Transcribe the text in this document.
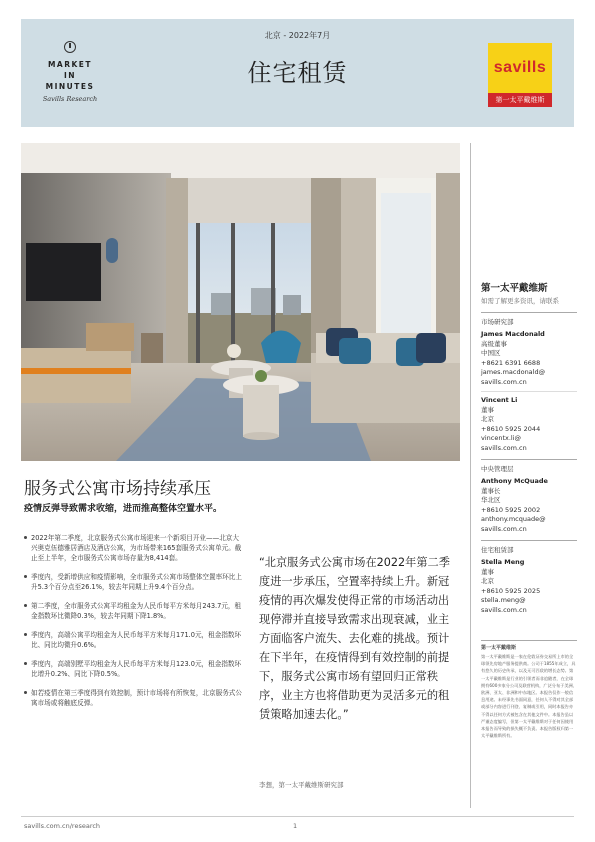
MARKET
IN
MINUTES
Savills Research
北京 - 2022年7月
住宅租赁	savills
第一太平戴维斯
服务式公寓市场持续承压
疫情反弹导致需求收缩，进而推高整体空置水平。
2022年第二季度，北京服务式公寓市场迎来一个新项目开业——北京大兴奥克伍德雅居酒店及酒店公寓，为市场带来165套服务式公寓单元。截止至上半年，全市服务式公寓市场存量为8,414套。
季度内，受新增供应和疫情影响，全市服务式公寓市场整体空置率环比上升5.3个百分点至26.1%，较去年同期上升9.4个百分点。
第二季度，全市服务式公寓平均租金为人民币每平方米每月243.7元，租金指数环比微降0.3%，较去年同期下降1.8%。
季度内，高端公寓平均租金为人民币每平方米每月171.0元，租金指数环比、同比均微升0.6%。
季度内，高端别墅平均租金为人民币每平方米每月123.0元，租金指数环比增升0.2%、同比下降0.5%。
如若疫情在第三季度得到有效控制，预计市场将有所恢复，北京服务式公寓市场或将触底反弹。
“北京服务式公寓市场在2022年第二季度进一步承压，空置率持续上升。新冠疫情的再次爆发使得正常的市场活动出现停滞并直接导致需求出现衰减，业主方面临客户流失、去化难的挑战。预计在下半年，在疫情得到有效控制的前提下，服务式公寓市场有望回归正常秩序，业主方也将借助更为灵活多元的租赁策略加速去化。”
李想，第一太平戴维斯研究部
第一太平戴维斯
如需了解更多资讯，请联系
市场研究部
James Macdonald
高级董事
中国区
+8621 6391 6688
james.macdonald@
savills.com.cn
Vincent Li
董事
北京
+8610 5925 2044
vincentx.li@
savills.com.cn
中央管理层
Anthony McQuade
董事长
华北区
+8610 5925 2002
anthony.mcquade@
savills.com.cn
住宅租赁部
Stella Meng
董事
北京
+8610 5925 2025
stella.meng@
savills.com.cn
第一太平戴维斯
第一太平戴维斯是一家在伦敦证券交易所上市的全球领先房地产服务提供商。公司于1855年成立，具有悠久的历史传承，以及无可匹敌的增长态势。第一太平戴维斯是行业的引领者而非追随者，在全球拥有600多家分公司及联营机构，广泛分布于美洲、欧洲、亚太、非洲和中东地区。本报告仅作一般信息用途。未经事先书面同意，任何人不得对其全部或部分内容进行刊登、复制或引用，同时本报告亦不得以任何方式被包含在其他文件中。本报告虽以严谨态度编写，但第一太平戴维斯对于任何因使用本报告而导致的损失概不负责。本报告版权归第一太平戴维斯所有。
savills.com.cn/research	1
